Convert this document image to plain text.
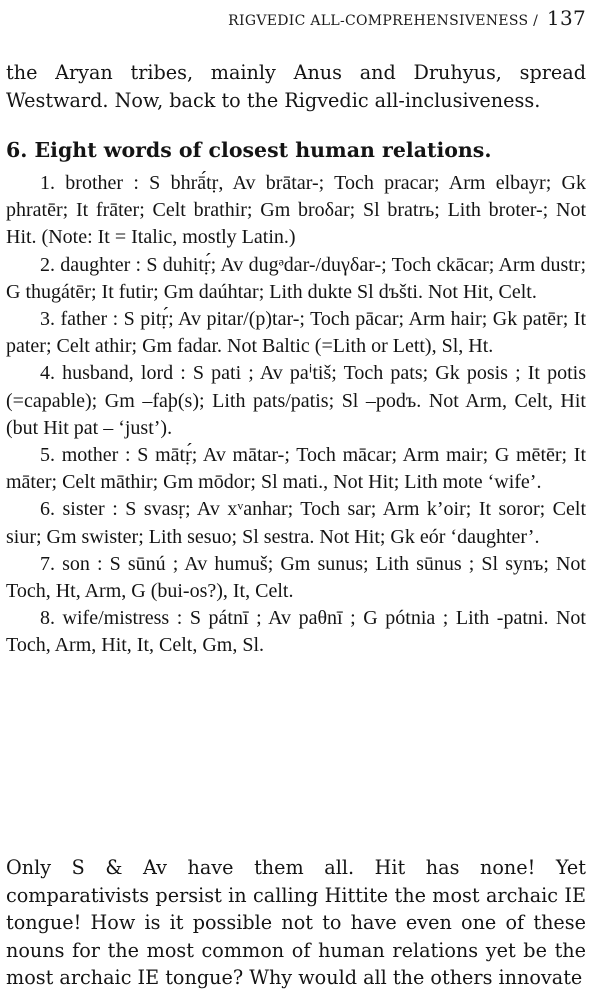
RIGVEDIC ALL-COMPREHENSIVENESS / 137

the Aryan tribes, mainly Anus and Druhyus, spread Westward. Now, back to the Rigvedic all-inclusiveness.

6. Eight words of closest human relations.

1. brother : S bhrā́tṛ, Av brātar-; Toch pracar; Arm elbayr; Gk phratēr; It frāter; Celt brathir; Gm broδar; Sl bratrь; Lith broter-; Not Hit. (Note: It = Italic, mostly Latin.)

2. daughter : S duhitṛ́; Av dugᵊdar-/duγδar-; Toch ckācar; Arm dustr; G thugátēr; It futir; Gm daúhtar; Lith dukte Sl dъšti. Not Hit, Celt.

3. father : S pitṛ́; Av pitar/(p)tar-; Toch pācar; Arm hair; Gk patēr; It pater; Celt athir; Gm fadar. Not Baltic (=Lith or Lett), Sl, Ht.

4. husband, lord : S pati ; Av paⁱtiš; Toch pats; Gk posis ; It potis (=capable); Gm –faþ(s); Lith pats/patis; Sl –podъ. Not Arm, Celt, Hit (but Hit pat – ‘just’).

5. mother : S mātṛ́; Av mātar-; Toch mācar; Arm mair; G mētēr; It māter; Celt māthir; Gm mōdor; Sl mati., Not Hit; Lith mote ‘wife’.

6. sister : S svasṛ; Av xᵛanhar; Toch sar; Arm k’oir; It soror; Celt siur; Gm swister; Lith sesuo; Sl sestra. Not Hit; Gk eór ‘daughter’.

7. son : S sūnú ; Av humuš; Gm sunus; Lith sūnus ; Sl synъ; Not Toch, Ht, Arm, G (bui-os?), It, Celt.

8. wife/mistress : S pátnī ; Av paθnī ; G pótnia ; Lith -patni. Not Toch, Arm, Hit, It, Celt, Gm, Sl.

Only S & Av have them all. Hit has none! Yet comparativists persist in calling Hittite the most archaic IE tongue! How is it possible not to have even one of these nouns for the most common of human relations yet be the most archaic IE tongue? Why would all the others innovate
